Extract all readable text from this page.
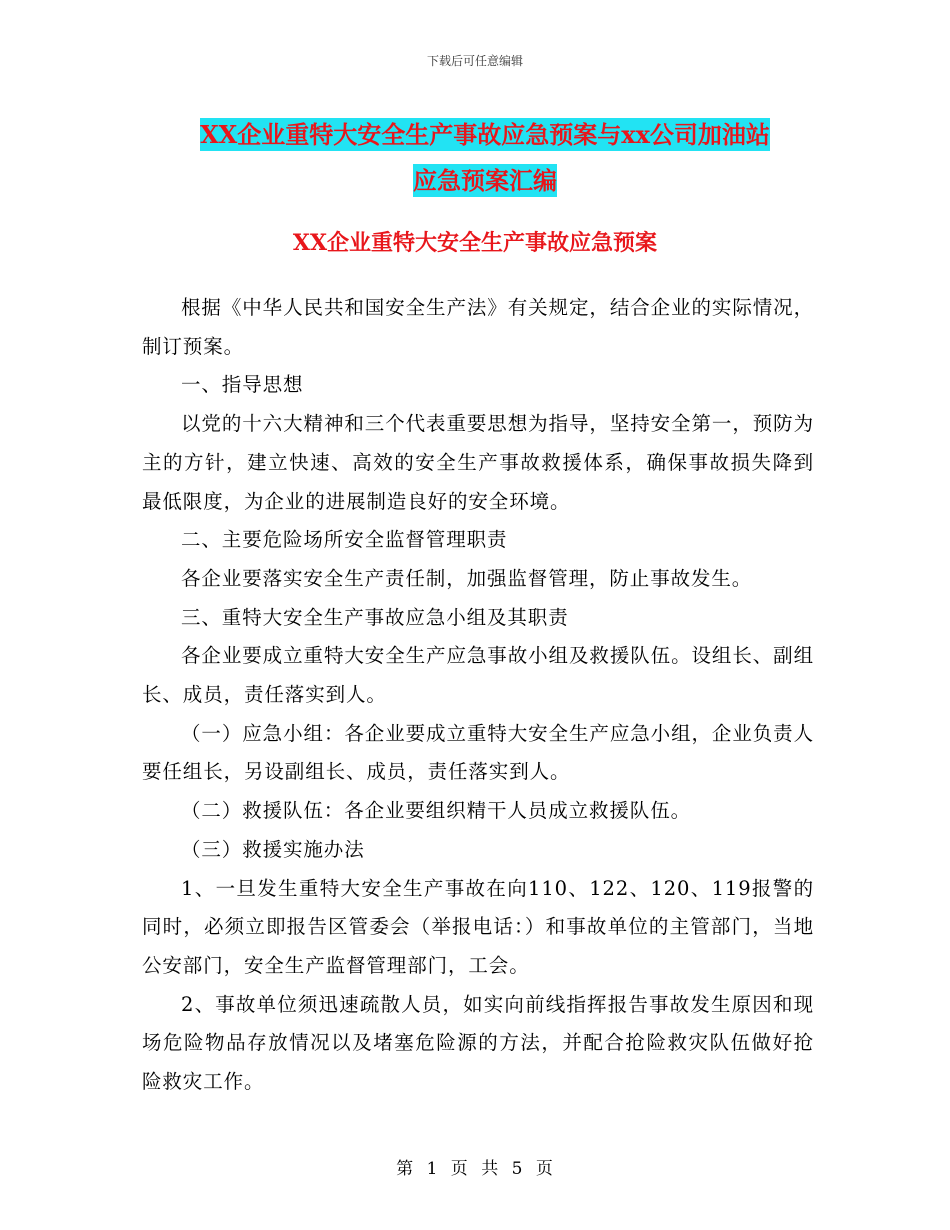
下载后可任意编辑
XX企业重特大安全生产事故应急预案与xx公司加油站
应急预案汇编
XX企业重特大安全生产事故应急预案

根据《中华人民共和国安全生产法》有关规定，结合企业的实际情况，制订预案。

一、指导思想

以党的十六大精神和三个代表重要思想为指导，坚持安全第一，预防为主的方针，建立快速、高效的安全生产事故救援体系，确保事故损失降到最低限度，为企业的进展制造良好的安全环境。

二、主要危险场所安全监督管理职责

各企业要落实安全生产责任制，加强监督管理，防止事故发生。

三、重特大安全生产事故应急小组及其职责

各企业要成立重特大安全生产应急事故小组及救援队伍。设组长、副组长、成员，责任落实到人。

（一）应急小组：各企业要成立重特大安全生产应急小组，企业负责人要任组长，另设副组长、成员，责任落实到人。

（二）救援队伍：各企业要组织精干人员成立救援队伍。

（三）救援实施办法

1、一旦发生重特大安全生产事故在向110、122、120、119报警的同时，必须立即报告区管委会（举报电话：）和事故单位的主管部门，当地公安部门，安全生产监督管理部门，工会。

2、事故单位须迅速疏散人员，如实向前线指挥报告事故发生原因和现场危险物品存放情况以及堵塞危险源的方法，并配合抢险救灾队伍做好抢险救灾工作。

第 1 页 共 5 页
